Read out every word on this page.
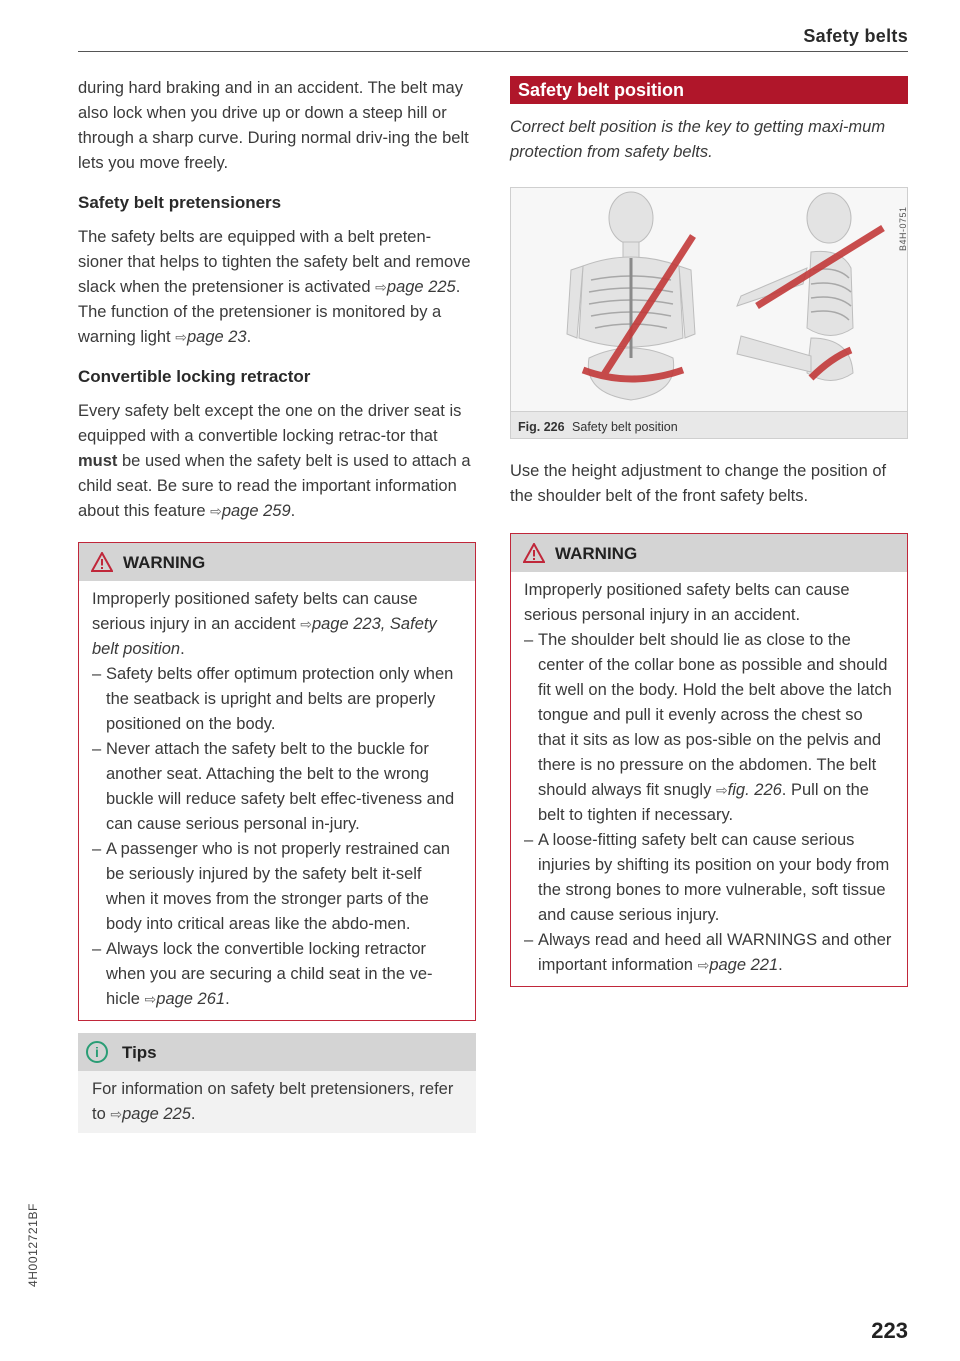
Safety belts

during hard braking and in an accident. The belt may also lock when you drive up or down a steep hill or through a sharp curve. During normal driv-ing the belt lets you move freely.

Safety belt pretensioners

The safety belts are equipped with a belt preten-sioner that helps to tighten the safety belt and remove slack when the pretensioner is activated ⇨page 225. The function of the pretensioner is monitored by a warning light ⇨page 23.

Convertible locking retractor

Every safety belt except the one on the driver seat is equipped with a convertible locking retrac-tor that must be used when the safety belt is used to attach a child seat. Be sure to read the important information about this feature ⇨page 259.

WARNING

Improperly positioned safety belts can cause serious injury in an accident ⇨page 223, Safety belt position.

– Safety belts offer optimum protection only when the seatback is upright and belts are properly positioned on the body.
– Never attach the safety belt to the buckle for another seat. Attaching the belt to the wrong buckle will reduce safety belt effec-tiveness and can cause serious personal in-jury.
– A passenger who is not properly restrained can be seriously injured by the safety belt it-self when it moves from the stronger parts of the body into critical areas like the abdo-men.
– Always lock the convertible locking retractor when you are securing a child seat in the ve-hicle ⇨page 261.
i	Tips

For information on safety belt pretensioners, refer to ⇨page 225.

Safety belt position

Correct belt position is the key to getting maxi-mum protection from safety belts.

B4H-0751
Fig. 226 Safety belt position

Use the height adjustment to change the position of the shoulder belt of the front safety belts.

WARNING

Improperly positioned safety belts can cause serious personal injury in an accident.

– The shoulder belt should lie as close to the center of the collar bone as possible and should fit well on the body. Hold the belt above the latch tongue and pull it evenly across the chest so that it sits as low as pos-sible on the pelvis and there is no pressure on the abdomen. The belt should always fit snugly ⇨fig. 226. Pull on the belt to tighten if necessary.
– A loose-fitting safety belt can cause serious injuries by shifting its position on your body from the strong bones to more vulnerable, soft tissue and cause serious injury.
– Always read and heed all WARNINGS and other important information ⇨page 221.
4H0012721BF
223
